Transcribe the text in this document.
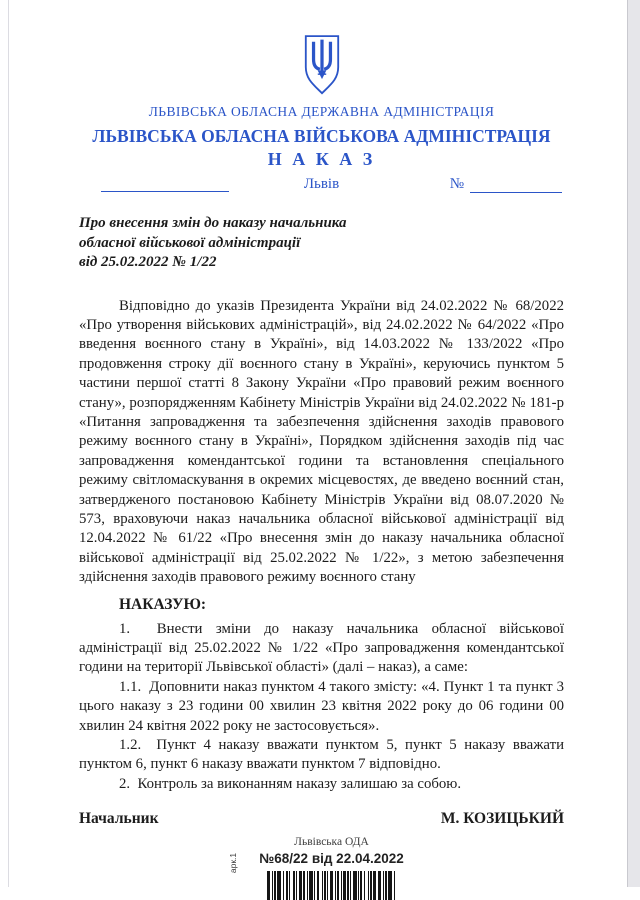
ЛЬВІВСЬКА ОБЛАСНА ДЕРЖАВНА АДМІНІСТРАЦІЯ
ЛЬВІВСЬКА ОБЛАСНА ВІЙСЬКОВА АДМІНІСТРАЦІЯ
Н А К А З
Львів	№
Про внесення змін до наказу начальника
обласної військової адміністрації
від 25.02.2022 № 1/22

Відповідно до указів Президента України від 24.02.2022 № 68/2022 «Про утворення військових адміністрацій», від 24.02.2022 № 64/2022 «Про введення воєнного стану в Україні», від 14.03.2022 № 133/2022 «Про продовження строку дії воєнного стану в Україні», керуючись пунктом 5 частини першої статті 8 Закону України «Про правовий режим воєнного стану», розпорядженням Кабінету Міністрів України від 24.02.2022 № 181-р «Питання запровадження та забезпечення здійснення заходів правового режиму воєнного стану в Україні», Порядком здійснення заходів під час запровадження комендантської години та встановлення спеціального режиму світломаскування в окремих місцевостях, де введено воєнний стан, затвердженого постановою Кабінету Міністрів України від 08.07.2020 № 573, враховуючи наказ начальника обласної військової адміністрації від 12.04.2022 № 61/22 «Про внесення змін до наказу начальника обласної військової адміністрації від 25.02.2022 № 1/22», з метою забезпечення здійснення заходів правового режиму воєнного стану

НАКАЗУЮ:

1.  Внести зміни до наказу начальника обласної військової адміністрації від 25.02.2022 № 1/22 «Про запровадження комендантської години на території Львівської області» (далі – наказ), а саме:

1.1.  Доповнити наказ пунктом 4 такого змісту: «4. Пункт 1 та пункт 3 цього наказу з 23 години 00 хвилин 23 квітня 2022 року до 06 години 00 хвилин 24 квітня 2022 року не застосовується».

1.2.  Пункт 4 наказу вважати пунктом 5, пункт 5 наказу вважати пунктом 6, пункт 6 наказу вважати пунктом 7 відповідно.

2.  Контроль за виконанням наказу залишаю за собою.

Начальник	М. КОЗИЦЬКИЙ
арк.1
Львівська ОДА
№68/22 від 22.04.2022
